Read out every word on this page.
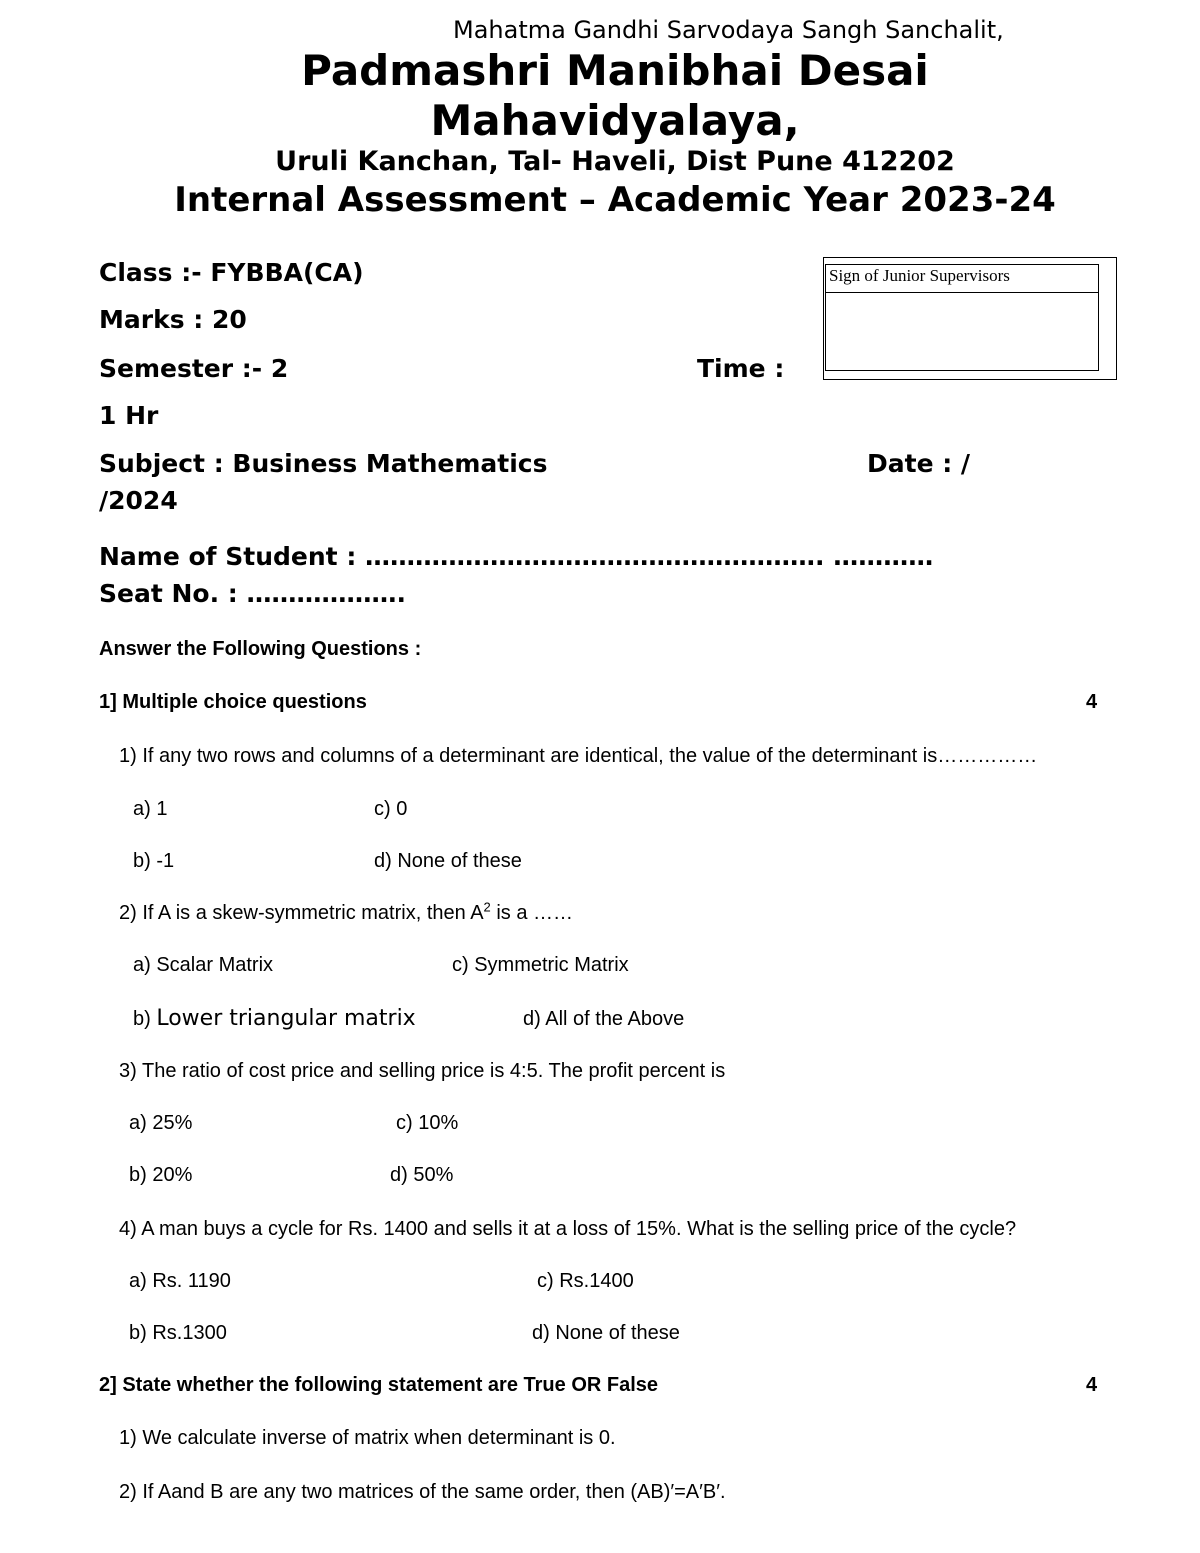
Mahatma Gandhi Sarvodaya Sangh Sanchalit,
Padmashri Manibhai Desai
Mahavidyalaya,
Uruli Kanchan, Tal- Haveli, Dist Pune 412202
Internal Assessment – Academic Year 2023-24
Sign of Junior Supervisors
Class :- FYBBA(CA)
Marks : 20
Semester :- 2	Time :
1 Hr
Subject : Business Mathematics	Date : /
/2024
Name of Student : ………………………………………………. …………
Seat No. : ……………….
Answer the Following Questions :
1] Multiple choice questions	4
1) If any two rows and columns of a determinant are identical, the value of the determinant is……………
a) 1	c) 0
b) -1	d) None of these
2) If A is a skew-symmetric matrix, then $A^2$ is a ……
a) Scalar Matrix	c) Symmetric Matrix
b) Lower triangular matrix	d) All of the Above
3) The ratio of cost price and selling price is 4:5. The profit percent is
a) 25%	c) 10%
b) 20%	d) 50%
4) A man buys a cycle for Rs. 1400 and sells it at a loss of 15%. What is the selling price of the cycle?
a) Rs. 1190	c) Rs.1400
b) Rs.1300	d) None of these
2] State whether the following statement are True OR False	4
1) We calculate inverse of matrix when determinant is 0.
2) If Aand B are any two matrices of the same order, then (AB)′=A′B′.
